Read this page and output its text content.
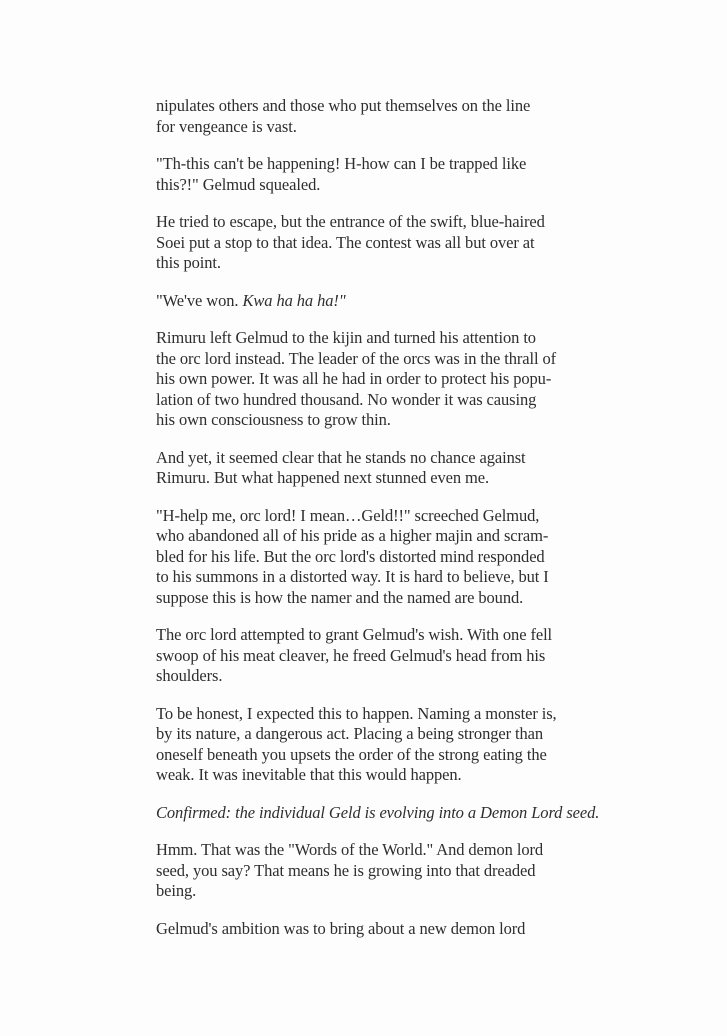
nipulates others and those who put themselves on the line
for vengeance is vast.

"Th-this can't be happening! H-how can I be trapped like
this?!" Gelmud squealed.

He tried to escape, but the entrance of the swift, blue-haired
Soei put a stop to that idea. The contest was all but over at
this point.

"We've won. Kwa ha ha ha!"

Rimuru left Gelmud to the kijin and turned his attention to
the orc lord instead. The leader of the orcs was in the thrall of
his own power. It was all he had in order to protect his popu-
lation of two hundred thousand. No wonder it was causing
his own consciousness to grow thin.

And yet, it seemed clear that he stands no chance against
Rimuru. But what happened next stunned even me.

"H-help me, orc lord! I mean…Geld!!" screeched Gelmud,
who abandoned all of his pride as a higher majin and scram-
bled for his life. But the orc lord's distorted mind responded
to his summons in a distorted way. It is hard to believe, but I
suppose this is how the namer and the named are bound.

The orc lord attempted to grant Gelmud's wish. With one fell
swoop of his meat cleaver, he freed Gelmud's head from his
shoulders.

To be honest, I expected this to happen. Naming a monster is,
by its nature, a dangerous act. Placing a being stronger than
oneself beneath you upsets the order of the strong eating the
weak. It was inevitable that this would happen.

Confirmed: the individual Geld is evolving into a Demon Lord seed.

Hmm. That was the "Words of the World." And demon lord
seed, you say? That means he is growing into that dreaded
being.

Gelmud's ambition was to bring about a new demon lord
